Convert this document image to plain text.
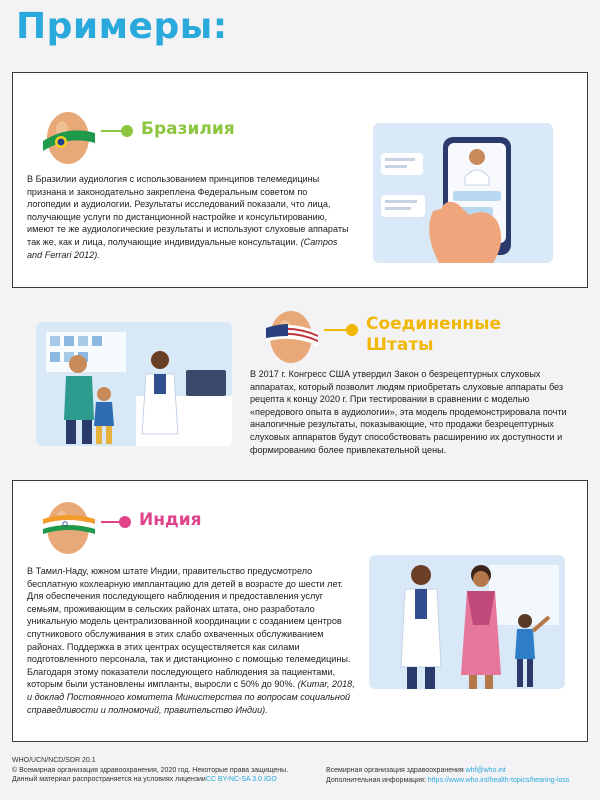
Примеры:
Бразилия
В Бразилии аудиология с использованием принципов телемедицины признана и законодательно закреплена Федеральным советом по логопедии и аудиологии. Результаты исследований показали, что лица, получающие услуги по дистанционной настройке и консультированию, имеют те же аудиологические результаты и используют слуховые аппараты так же, как и лица, получающие индивидуальные консультации. (Campos and Ferrari 2012).
Соединенные
Штаты
В 2017 г. Конгресс США утвердил Закон о безрецептурных слуховых аппаратах, который позволит людям приобретать слуховые аппараты без рецепта к концу 2020 г. При тестировании в сравнении с моделью «передового опыта в аудиологии», эта модель продемонстрировала почти аналогичные результаты, показывающие, что продажи безрецептурных слуховых аппаратов будут способствовать расширению их доступности и формированию более привлекательной цены.
Индия
В Тамил-Наду, южном штате Индии, правительство предусмотрело бесплатную кохлеарную имплантацию для детей в возрасте до шести лет. Для обеспечения последующего наблюдения и предоставления услуг семьям, проживающим в сельских районах штата, оно разработало уникальную модель централизованной координации с созданием центров спутникового обслуживания в этих слабо охваченных обслуживанием районах. Поддержка в этих центрах осуществляется как силами подготовленного персонала, так и дистанционно с помощью телемедицины. Благодаря этому показатели последующего наблюдения за пациентами, которым были установлены импланты, выросли с 50% до 90%. (Kumar, 2018, и доклад Постоянного комитета Министерства по вопросам социальной справедливости и полномочий, правительство Индии).
WHO/UCN/NCD/SDR 20.1
© Всемирная организация здравоохранения, 2020 год. Некоторые права защищены.
Данный материал распространяется на условиях лицензииCC BY-NC-SA 3.0 IGO
Всемирная организация здравоохранения whf@who.int
Дополнительная информация: https://www.who.int/health-topics/hearing-loss
